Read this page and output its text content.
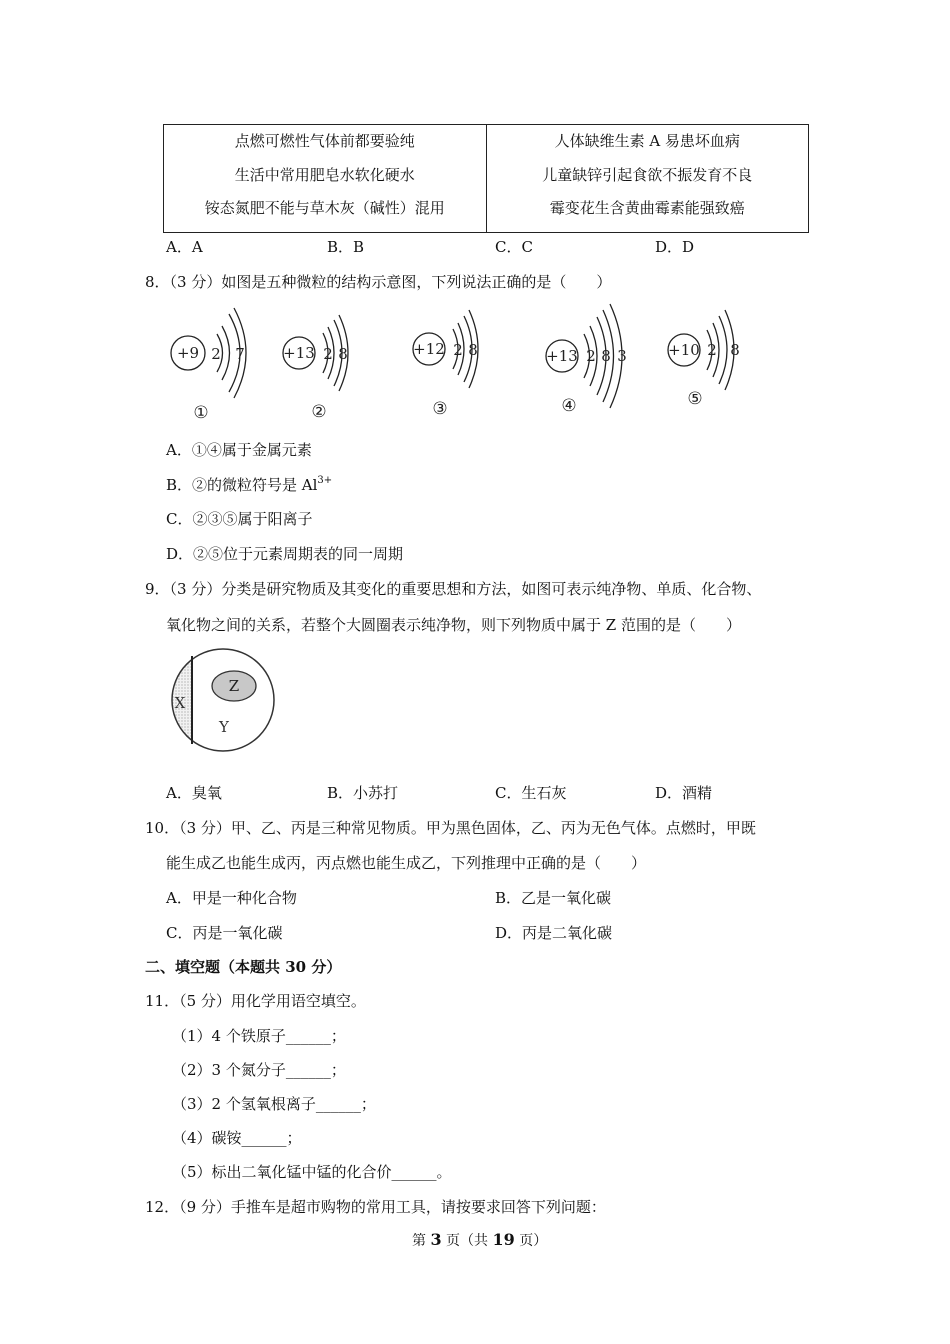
点燃可燃性气体前都要验纯
生活中常用肥皂水软化硬水
铵态氮肥不能与草木灰（碱性）混用

人体缺维生素 A 易患坏血病
儿童缺锌引起食欲不振发育不良
霉变花生含黄曲霉素能强致癌
A．A	B．B	C．C	D．D
8．（3 分）如图是五种微粒的结构示意图，下列说法正确的是（　　）
+9 2 7	+13 2 8	+12 2 8	+13 2 8 3	+10 2 8
①	②	③	④	⑤
A．①④属于金属元素
B．②的微粒符号是 $Al^{3+}$
C．②③⑤属于阳离子
D．②⑤位于元素周期表的同一周期
9．（3 分）分类是研究物质及其变化的重要思想和方法，如图可表示纯净物、单质、化合物、
氧化物之间的关系，若整个大圆圈表示纯净物，则下列物质中属于 Z 范围的是（　　）
X
Z
Y
A．臭氧	B．小苏打	C．生石灰	D．酒精
10．（3 分）甲、乙、丙是三种常见物质。甲为黑色固体，乙、丙为无色气体。点燃时，甲既
能生成乙也能生成丙，丙点燃也能生成乙，下列推理中正确的是（　　）
A．甲是一种化合物	B．乙是一氧化碳
C．丙是一氧化碳	D．丙是二氧化碳
二、填空题（本题共 30 分）
11．（5 分）用化学用语空填空。
（1）4 个铁原子______；
（2）3 个氮分子______；
（3）2 个氢氧根离子______；
（4）碳铵______；
（5）标出二氧化锰中锰的化合价______。
12．（9 分）手推车是超市购物的常用工具，请按要求回答下列问题：
第 3 页（共 19 页）
